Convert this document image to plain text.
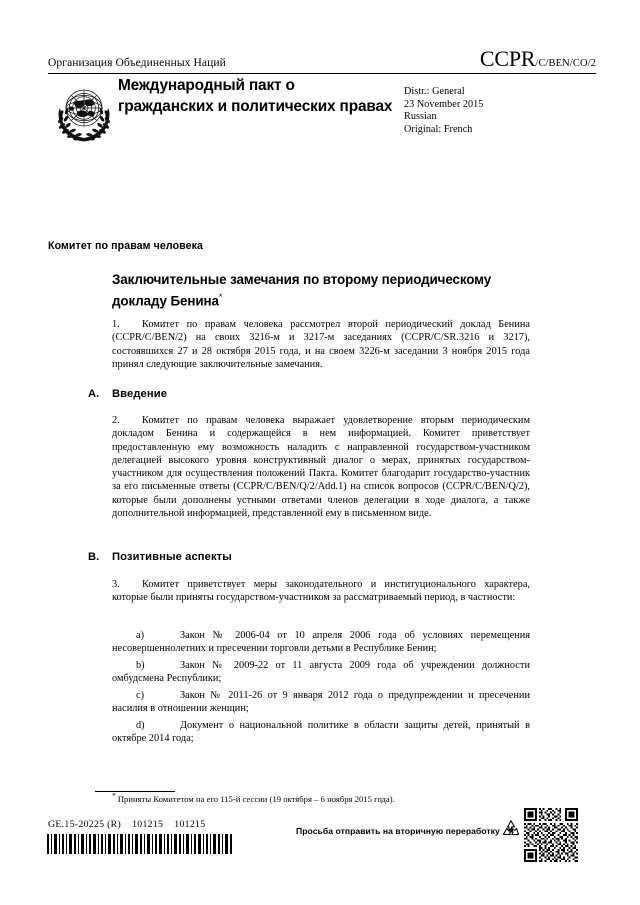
Организация Объединенных Наций	CCPR/C/BEN/CO/2
Международный пакт о гражданских и политических правах
Distr.: General
23 November 2015
Russian
Original: French
Комитет по правам человека
Заключительные замечания по второму периодическому докладу Бенина*
1. Комитет по правам человека рассмотрел второй периодический доклад Бенина (CCPR/C/BEN/2) на своих 3216-м и 3217-м заседаниях (CCPR/C/SR.3216 и 3217), состоявшихся 27 и 28 октября 2015 года, и на своем 3226-м заседании 3 ноября 2015 года принял следующие заключительные замечания.
A. Введение
2. Комитет по правам человека выражает удовлетворение вторым периодическим докладом Бенина и содержащейся в нем информацией. Комитет приветствует предоставленную ему возможность наладить с направленной государством-участником делегацией высокого уровня конструктивный диалог о мерах, принятых государством-участником для осуществления положений Пакта. Комитет благодарит государство-участник за его письменные ответы (CCPR/C/BEN/Q/2/Add.1) на список вопросов (CCPR/C/BEN/Q/2), которые были дополнены устными ответами членов делегации в ходе диалога, а также дополнительной информацией, представленной ему в письменном виде.
B. Позитивные аспекты
3. Комитет приветствует меры законодательного и институционального характера, которые были приняты государством-участником за рассматриваемый период, в частности:
a)	Закон № 2006-04 от 10 апреля 2006 года об условиях перемещения несовершеннолетних и пресечении торговли детьми в Республике Бенин;
b)	Закон № 2009-22 от 11 августа 2009 года об учреждении должности омбудсмена Республики;
c)	Закон № 2011-26 от 9 января 2012 года о предупреждении и пресечении насилия в отношении женщин;
d)	Документ о национальной политике в области защиты детей, принятый в октябре 2014 года;
* Приняты Комитетом на его 115-й сессии (19 октября – 6 ноября 2015 года).
GE.15-20225 (R)    101215    101215
Просьба отправить на вторичную переработку
